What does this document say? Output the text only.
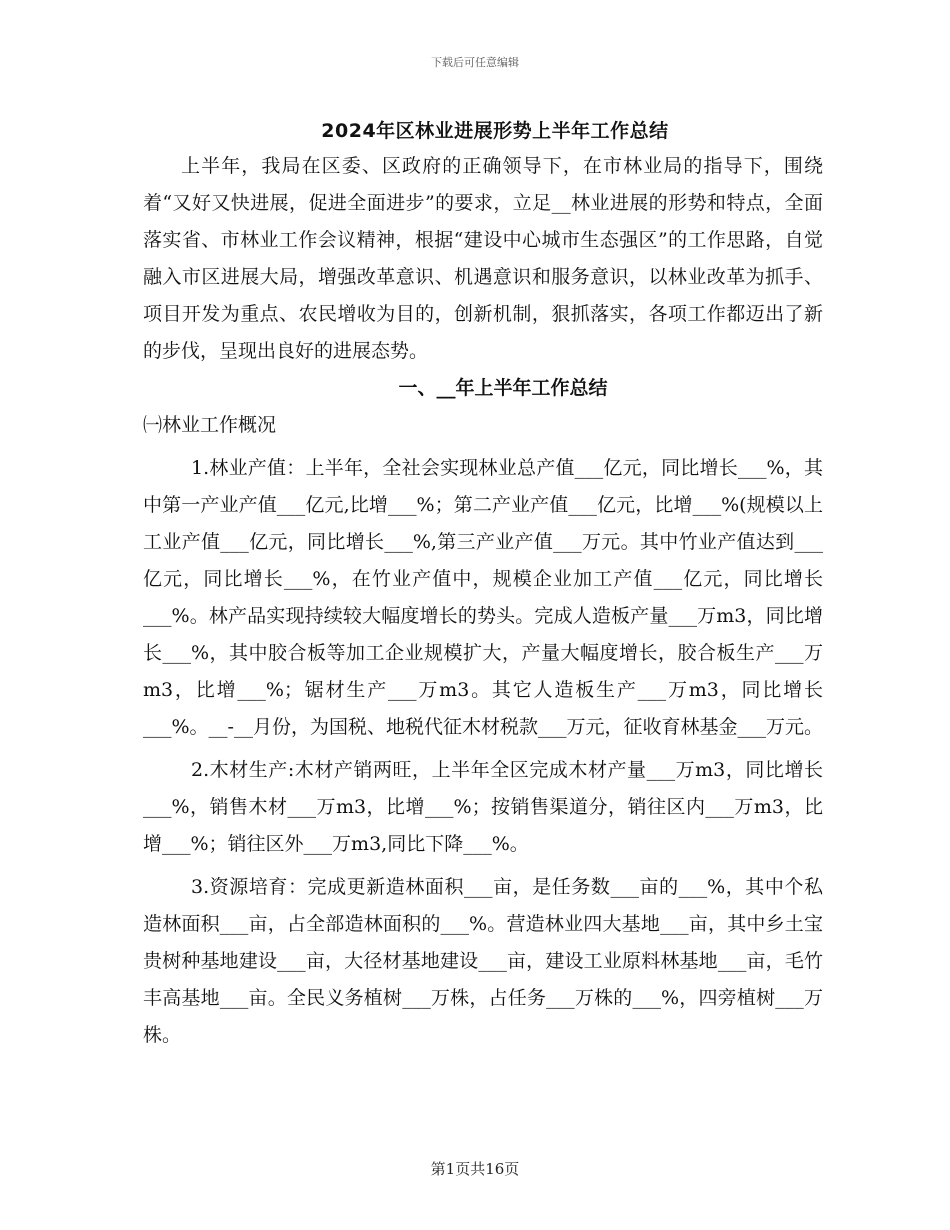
下载后可任意编辑
2024年区林业进展形势上半年工作总结

上半年，我局在区委、区政府的正确领导下，在市林业局的指导下，围绕着“又好又快进展，促进全面进步”的要求，立足__林业进展的形势和特点，全面落实省、市林业工作会议精神，根据“建设中心城市生态强区”的工作思路，自觉融入市区进展大局，增强改革意识、机遇意识和服务意识，以林业改革为抓手、项目开发为重点、农民增收为目的，创新机制，狠抓落实，各项工作都迈出了新的步伐，呈现出良好的进展态势。

一、__年上半年工作总结

㈠林业工作概况

1.林业产值：上半年，全社会实现林业总产值___亿元，同比增长___%，其中第一产业产值___亿元,比增___%；第二产业产值___亿元，比增___%(规模以上工业产值___亿元，同比增长___%,第三产业产值___万元。其中竹业产值达到___亿元，同比增长___%，在竹业产值中，规模企业加工产值___亿元，同比增长___%。林产品实现持续较大幅度增长的势头。完成人造板产量___万m3，同比增长___%，其中胶合板等加工企业规模扩大，产量大幅度增长，胶合板生产___万m3，比增___%；锯材生产___万m3。其它人造板生产___万m3，同比增长___%。__-__月份，为国税、地税代征木材税款___万元，征收育林基金___万元。

2.木材生产:木材产销两旺，上半年全区完成木材产量___万m3，同比增长___%，销售木材___万m3，比增___%；按销售渠道分，销往区内___万m3，比增___%；销往区外___万m3,同比下降___%。

3.资源培育：完成更新造林面积___亩，是任务数___亩的___%，其中个私造林面积___亩，占全部造林面积的___%。营造林业四大基地___亩，其中乡土宝贵树种基地建设___亩，大径材基地建设___亩，建设工业原料林基地___亩，毛竹丰高基地___亩。全民义务植树___万株，占任务___万株的___%，四旁植树___万株。

第1页共16页
